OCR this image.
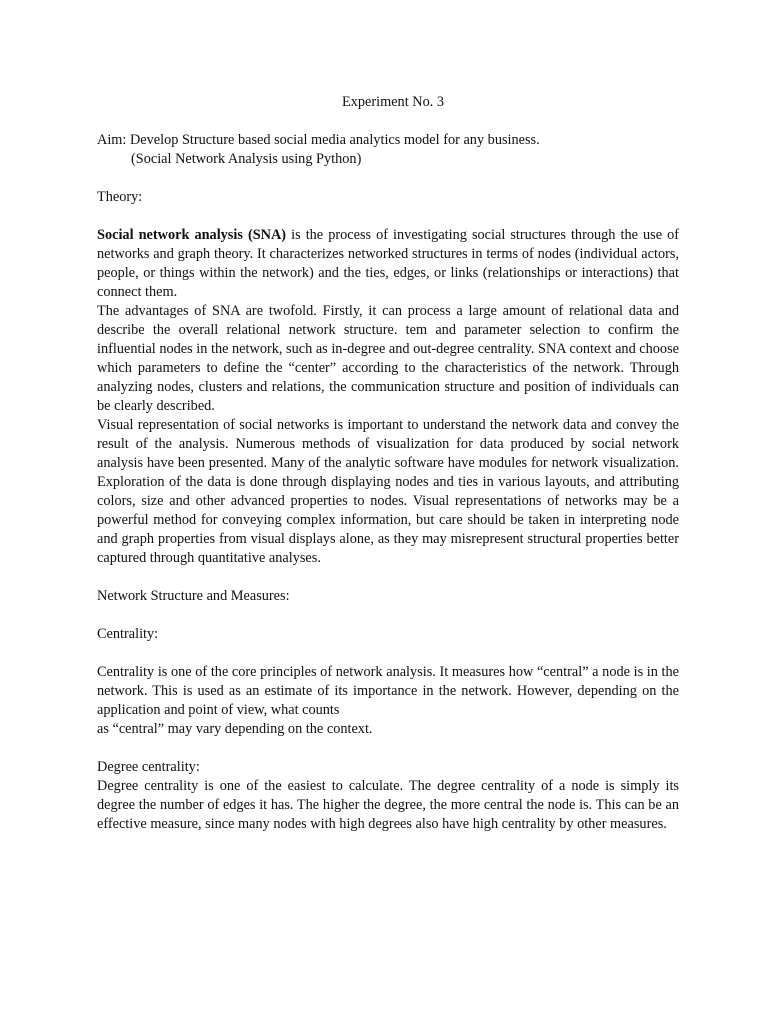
Experiment No. 3
Aim: Develop Structure based social media analytics model for any business.
(Social Network Analysis using Python)
Theory:

Social network analysis (SNA) is the process of investigating social structures through the use of networks and graph theory. It characterizes networked structures in terms of nodes (individual actors, people, or things within the network) and the ties, edges, or links (relationships or interactions) that connect them.

The advantages of SNA are twofold. Firstly, it can process a large amount of relational data and describe the overall relational network structure. tem and parameter selection to confirm the influential nodes in the network, such as in-degree and out-degree centrality. SNA context and choose which parameters to define the “center” according to the characteristics of the network. Through analyzing nodes, clusters and relations, the communication structure and position of individuals can be clearly described.

Visual representation of social networks is important to understand the network data and convey the result of the analysis. Numerous methods of visualization for data produced by social network analysis have been presented. Many of the analytic software have modules for network visualization. Exploration of the data is done through displaying nodes and ties in various layouts, and attributing colors, size and other advanced properties to nodes. Visual representations of networks may be a powerful method for conveying complex information, but care should be taken in interpreting node and graph properties from visual displays alone, as they may misrepresent structural properties better captured through quantitative analyses.

Network Structure and Measures:
Centrality:

Centrality is one of the core principles of network analysis. It measures how “central” a node is in the network. This is used as an estimate of its importance in the network. However, depending on the application and point of view, what counts

as “central” may vary depending on the context.

Degree centrality:

Degree centrality is one of the easiest to calculate. The degree centrality of a node is simply its degree the number of edges it has. The higher the degree, the more central the node is. This can be an effective measure, since many nodes with high degrees also have high centrality by other measures.
